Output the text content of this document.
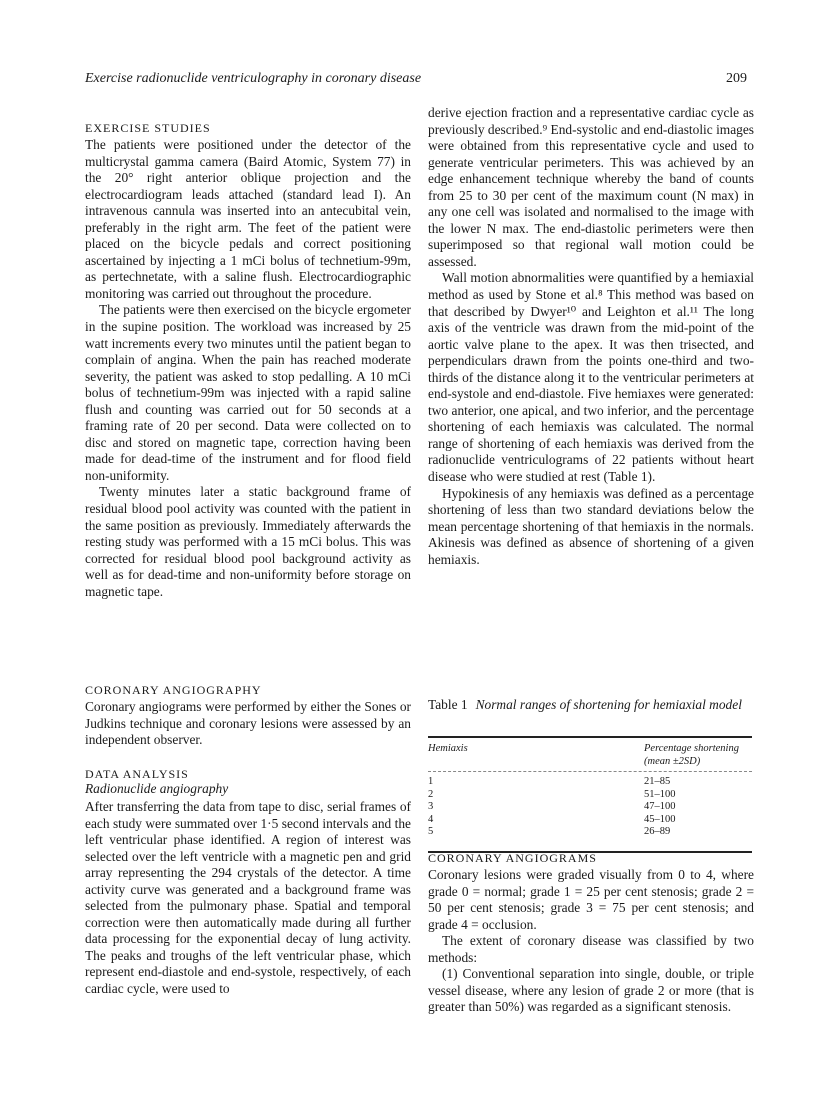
Exercise radionuclide ventriculography in coronary disease	209
EXERCISE STUDIES

The patients were positioned under the detector of the multicrystal gamma camera (Baird Atomic, System 77) in the 20° right anterior oblique projection and the electrocardiogram leads attached (standard lead I). An intravenous cannula was inserted into an antecubital vein, preferably in the right arm. The feet of the patient were placed on the bicycle pedals and correct positioning ascertained by injecting a 1 mCi bolus of technetium-99m, as pertechnetate, with a saline flush. Electrocardiographic monitoring was carried out throughout the procedure.

The patients were then exercised on the bicycle ergometer in the supine position. The workload was increased by 25 watt increments every two minutes until the patient began to complain of angina. When the pain has reached moderate severity, the patient was asked to stop pedalling. A 10 mCi bolus of technetium-99m was injected with a rapid saline flush and counting was carried out for 50 seconds at a framing rate of 20 per second. Data were collected on to disc and stored on magnetic tape, correction having been made for dead-time of the instrument and for flood field non-uniformity.

Twenty minutes later a static background frame of residual blood pool activity was counted with the patient in the same position as previously. Immediately afterwards the resting study was performed with a 15 mCi bolus. This was corrected for residual blood pool background activity as well as for dead-time and non-uniformity before storage on magnetic tape.

CORONARY ANGIOGRAPHY

Coronary angiograms were performed by either the Sones or Judkins technique and coronary lesions were assessed by an independent observer.

DATA ANALYSIS
Radionuclide angiography

After transferring the data from tape to disc, serial frames of each study were summated over 1·5 second intervals and the left ventricular phase identified. A region of interest was selected over the left ventricle with a magnetic pen and grid array representing the 294 crystals of the detector. A time activity curve was generated and a background frame was selected from the pulmonary phase. Spatial and temporal correction were then automatically made during all further data processing for the exponential decay of lung activity. The peaks and troughs of the left ventricular phase, which represent end-diastole and end-systole, respectively, of each cardiac cycle, were used to

derive ejection fraction and a representative cardiac cycle as previously described.⁹ End-systolic and end-diastolic images were obtained from this representative cycle and used to generate ventricular perimeters. This was achieved by an edge enhancement technique whereby the band of counts from 25 to 30 per cent of the maximum count (N max) in any one cell was isolated and normalised to the image with the lower N max. The end-diastolic perimeters were then superimposed so that regional wall motion could be assessed.

Wall motion abnormalities were quantified by a hemiaxial method as used by Stone et al.⁸ This method was based on that described by Dwyer¹⁰ and Leighton et al.¹¹ The long axis of the ventricle was drawn from the mid-point of the aortic valve plane to the apex. It was then trisected, and perpendiculars drawn from the points one-third and two-thirds of the distance along it to the ventricular perimeters at end-systole and end-diastole. Five hemiaxes were generated: two anterior, one apical, and two inferior, and the percentage shortening of each hemiaxis was calculated. The normal range of shortening of each hemiaxis was derived from the radionuclide ventriculograms of 22 patients without heart disease who were studied at rest (Table 1).

Hypokinesis of any hemiaxis was defined as a percentage shortening of less than two standard deviations below the mean percentage shortening of that hemiaxis in the normals. Akinesis was defined as absence of shortening of a given hemiaxis.

Table 1 Normal ranges of shortening for hemiaxial model
Hemiaxis	Percentage shortening
(mean ±2SD)
1	21–85
2	51–100
3	47–100
4	45–100
5	26–89
CORONARY ANGIOGRAMS

Coronary lesions were graded visually from 0 to 4, where grade 0 = normal; grade 1 = 25 per cent stenosis; grade 2 = 50 per cent stenosis; grade 3 = 75 per cent stenosis; and grade 4 = occlusion.

The extent of coronary disease was classified by two methods:

(1) Conventional separation into single, double, or triple vessel disease, where any lesion of grade 2 or more (that is greater than 50%) was regarded as a significant stenosis.
